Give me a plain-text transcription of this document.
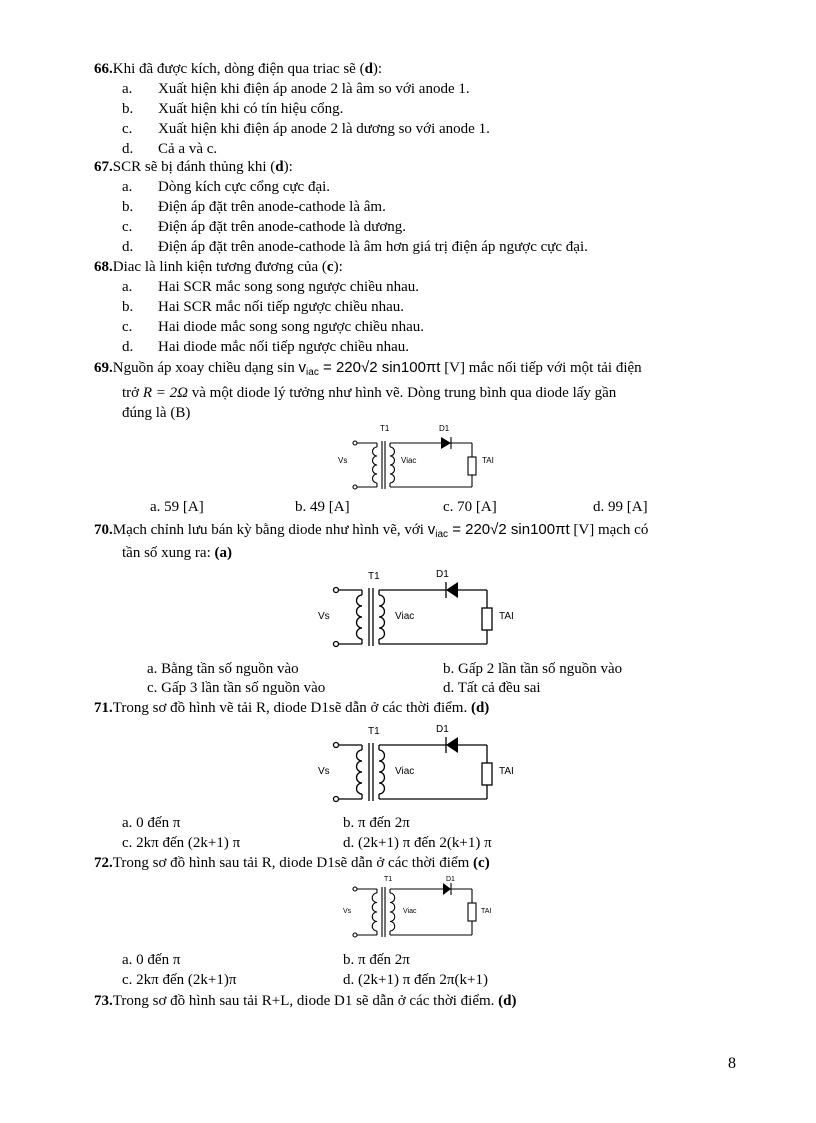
66.Khi đã được kích, dòng điện qua triac sẽ (d):
a. Xuất hiện khi điện áp anode 2 là âm so với anode 1.
b. Xuất hiện khi có tín hiệu cổng.
c. Xuất hiện khi điện áp anode 2 là dương so với anode 1.
d. Cả a và c.
67.SCR sẽ bị đánh thủng khi (d):
a. Dòng kích cực cổng cực đại.
b. Điện áp đặt trên anode-cathode là âm.
c. Điện áp đặt trên anode-cathode là dương.
d. Điện áp đặt trên anode-cathode là âm hơn giá trị điện áp ngược cực đại.
68.Diac là linh kiện tương đương của (c):
a. Hai SCR mắc song song ngược chiều nhau.
b. Hai SCR mắc nối tiếp ngược chiều nhau.
c. Hai diode mắc song song ngược chiều nhau.
d. Hai diode mắc nối tiếp ngược chiều nhau.
69.Nguồn áp xoay chiều dạng $\sin v_{iac} = 220√2$ sin100πt [V] mắc nối tiếp với một tải điện
trở R = 2Ω và một diode lý tưởng như hình vẽ. Dòng trung bình qua diode lấy gần
đúng là (B)
T1	D1
Vs	Viac	TAI
a. 59 [A]	b. 49 [A]	c. 70 [A]	d. 99 [A]
70.Mạch chỉnh lưu bán kỳ bằng diode như hình vẽ, với $v_{iac} = 220√2$ sin100πt [V] mạch có
tần số xung ra: (a)
T1	D1
Vs	Viac	TAI
a. Bằng tần số nguồn vào	b. Gấp 2 lần tần số nguồn vào
c. Gấp 3 lần tần số nguồn vào	d. Tất cả đều sai
71.Trong sơ đồ hình vẽ tải R, diode D1sẽ dẫn ở các thời điểm. (d)
T1	D1
Vs	Viac	TAI
a. 0 đến π	b. π đến 2π
c. 2kπ đến (2k+1) π	d. (2k+1) π đến 2(k+1) π
72.Trong sơ đồ hình sau tải R, diode D1sẽ dẫn ở các thời điểm (c)
T1	D1
Vs	Viac	TAI
a. 0 đến π	b. π đến 2π
c. 2kπ đến (2k+1)π	d. (2k+1) π đến 2π(k+1)
73.Trong sơ đồ hình sau tải R+L, diode D1 sẽ dẫn ở các thời điểm. (d)
8
